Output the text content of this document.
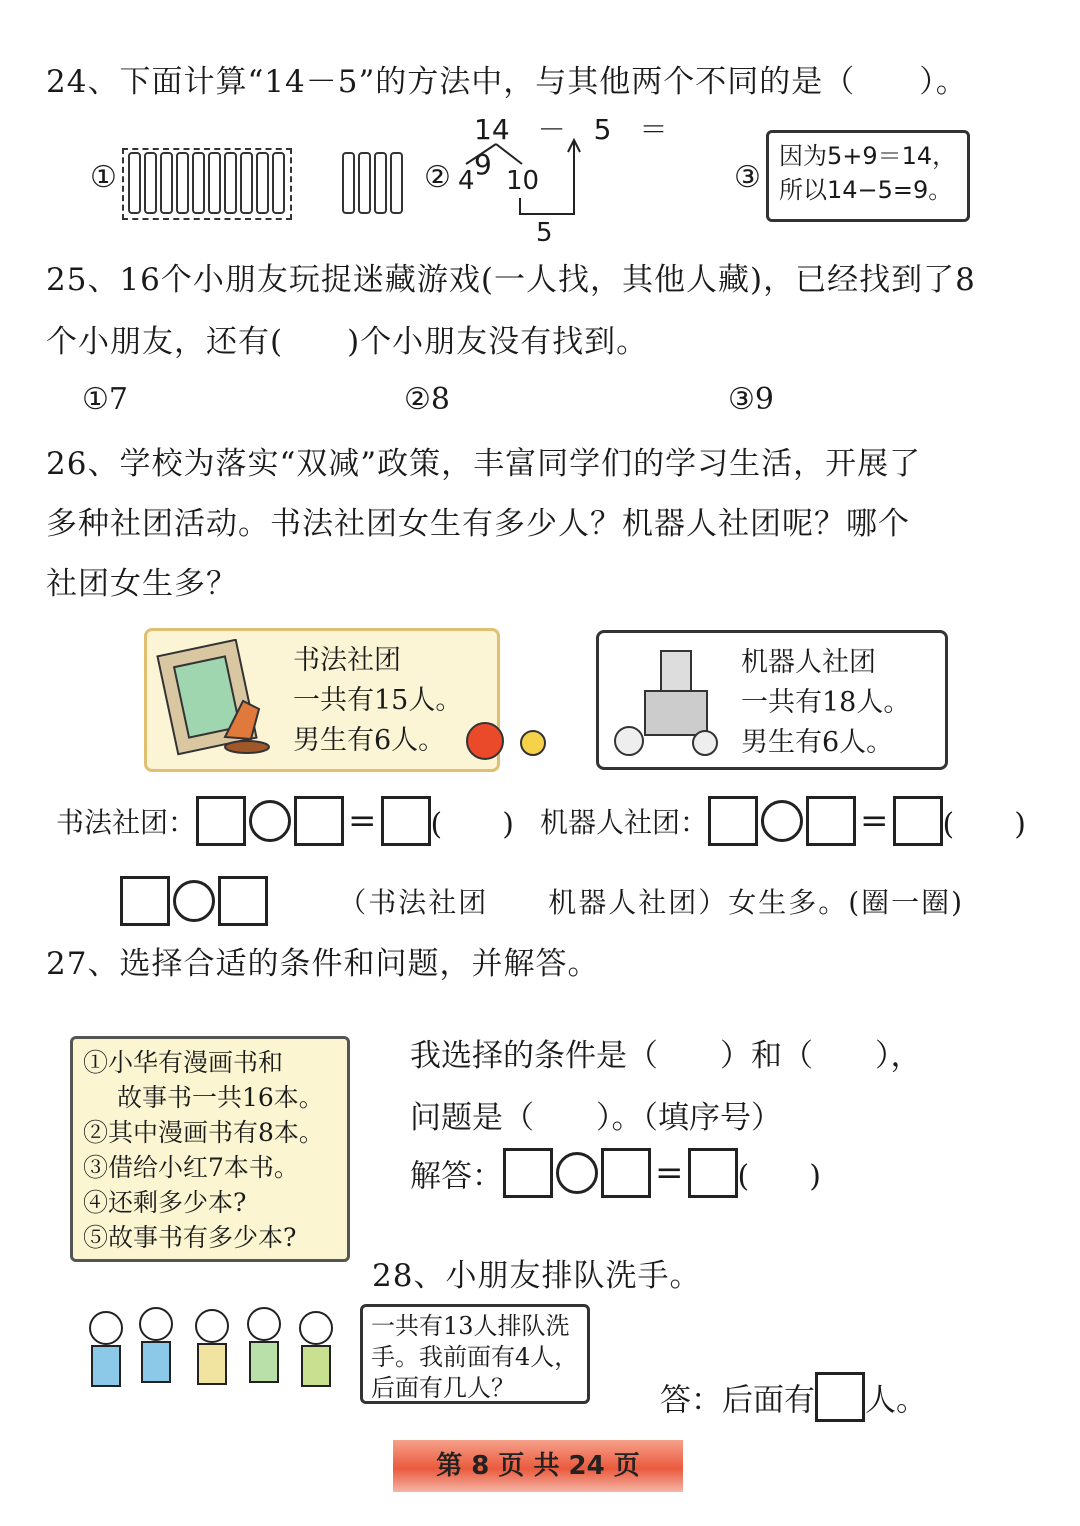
24、下面计算“14－5”的方法中，与其他两个不同的是（　　）。
①	②
14　－　5　＝　9
4 10
5
③
因为5+9＝14，
所以14−5=9。
25、16个小朋友玩捉迷藏游戏(一人找，其他人藏)，已经找到了8
个小朋友，还有(　　)个小朋友没有找到。
①7	②8	③9
26、学校为落实“双减”政策，丰富同学们的学习生活，开展了
多种社团活动。书法社团女生有多少人？机器人社团呢？哪个
社团女生多？
书法社团
一共有15人。
男生有6人。
机器人社团
一共有18人。
男生有6人。
书法社团：	= (　　) 机器人社团：	= (　　)
（书法社团　　机器人社团）女生多。(圈一圈)
27、选择合适的条件和问题，并解答。
①小华有漫画书和
故事书一共16本。
②其中漫画书有8本。
③借给小红7本书。
④还剩多少本?
⑤故事书有多少本?
我选择的条件是（　　）和（　　），
问题是（　　）。（填序号）
解答：	= (　　)
28、小朋友排队洗手。
一共有13人排队洗
手。我前面有4人，
后面有几人？	答：后面有 人。
第 8 页 共 24 页
